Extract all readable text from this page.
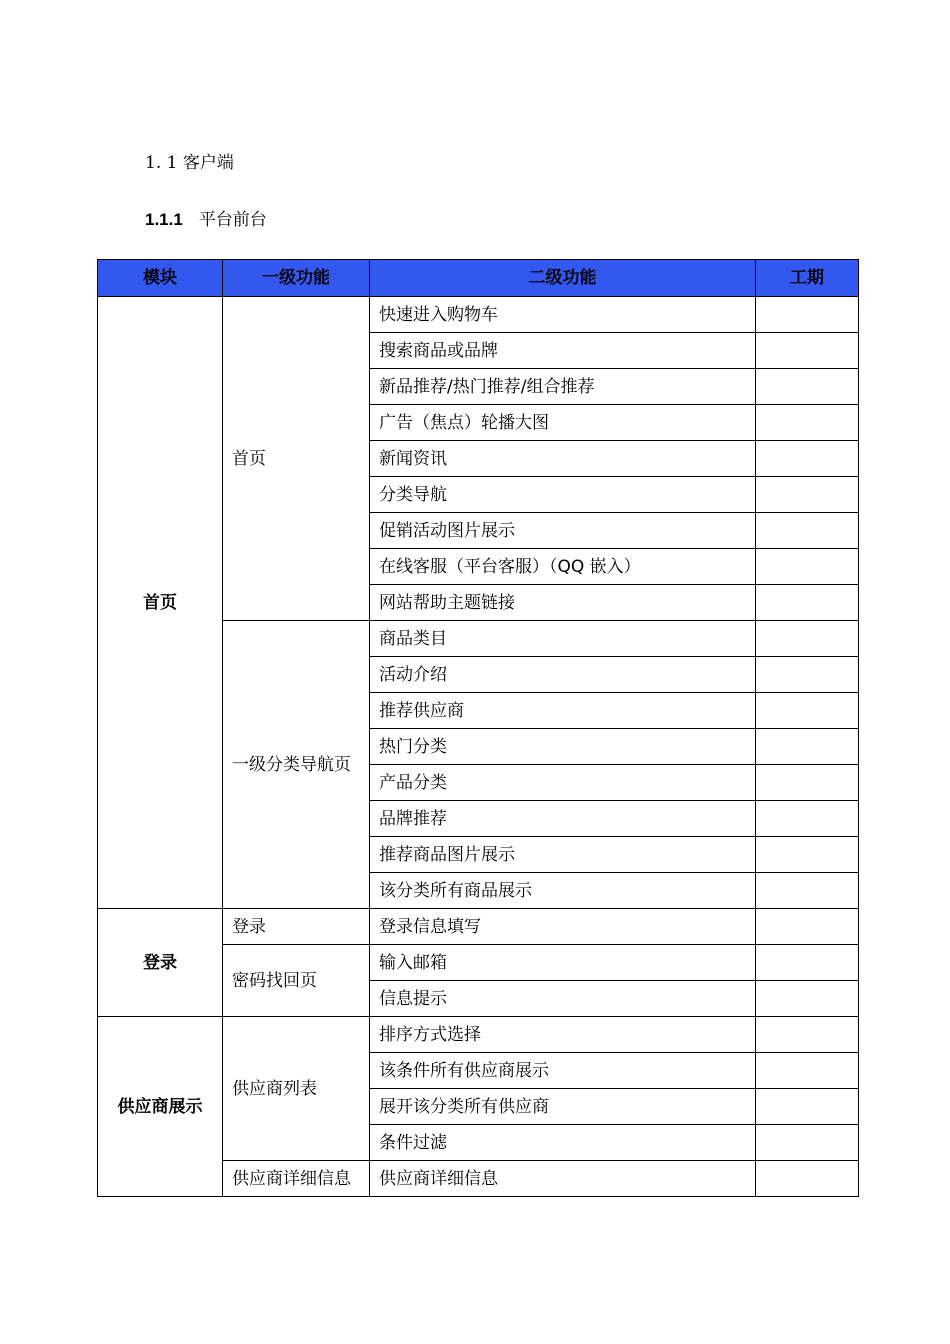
1. 1 客户端
1.1.1 平台前台
模块	一级功能	二级功能	工期
首页	首页	快速进入购物车	
		搜索商品或品牌	
		新品推荐/热门推荐/组合推荐	
		广告（焦点）轮播大图	
		新闻资讯	
		分类导航	
		促销活动图片展示	
		在线客服（平台客服）（QQ 嵌入）	
		网站帮助主题链接	
	一级分类导航页	商品类目	
		活动介绍	
		推荐供应商	
		热门分类	
		产品分类	
		品牌推荐	
		推荐商品图片展示	
		该分类所有商品展示	
登录	登录	登录信息填写	
	密码找回页	输入邮箱	
		信息提示	
供应商展示	供应商列表	排序方式选择	
		该条件所有供应商展示	
		展开该分类所有供应商	
		条件过滤	
	供应商详细信息	供应商详细信息	
